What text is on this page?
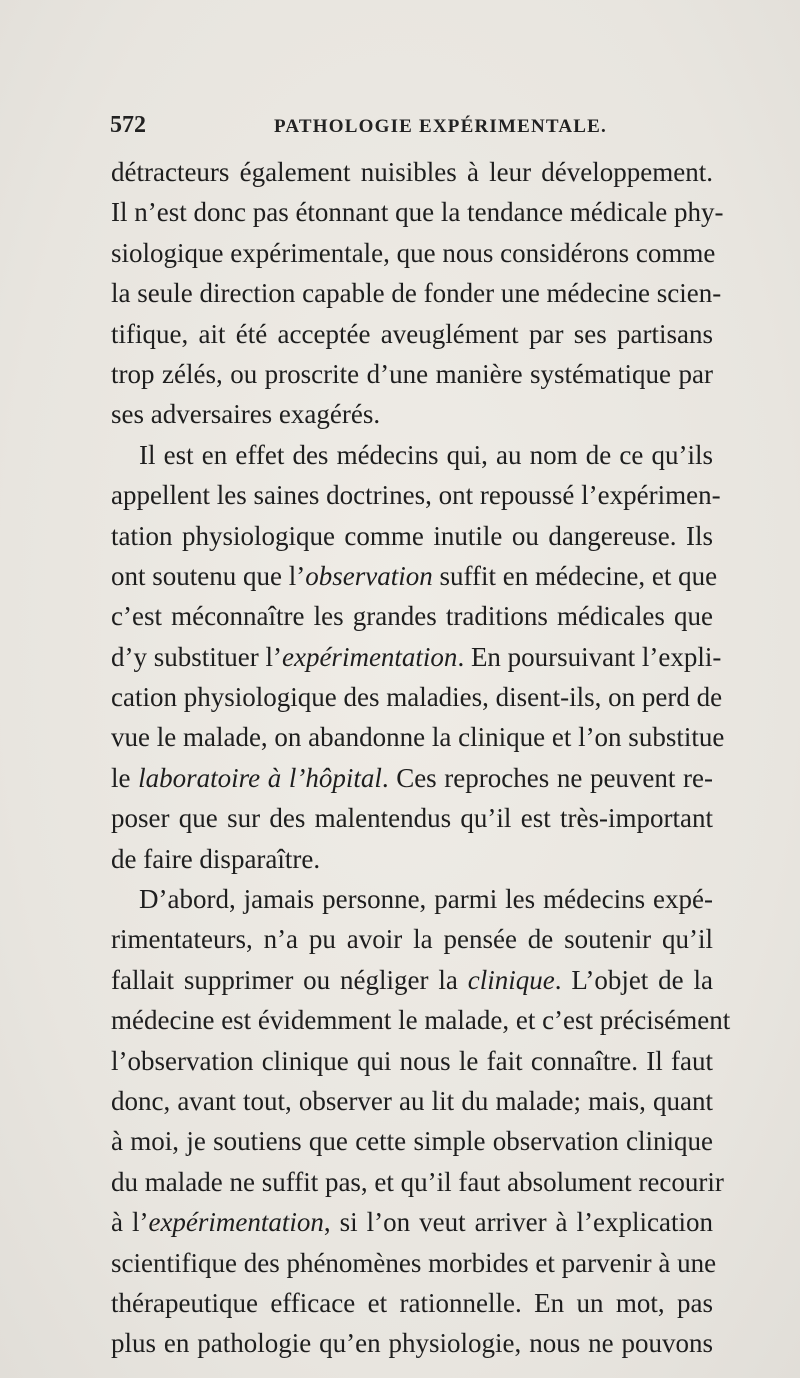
572	PATHOLOGIE EXPÉRIMENTALE.
détracteurs également nuisibles à leur développement.
Il n’est donc pas étonnant que la tendance médicale phy-
siologique expérimentale, que nous considérons comme
la seule direction capable de fonder une médecine scien-
tifique, ait été acceptée aveuglément par ses partisans
trop zélés, ou proscrite d’une manière systématique par
ses adversaires exagérés.
Il est en effet des médecins qui, au nom de ce qu’ils
appellent les saines doctrines, ont repoussé l’expérimen-
tation physiologique comme inutile ou dangereuse. Ils
ont soutenu que l’observation suffit en médecine, et que
c’est méconnaître les grandes traditions médicales que
d’y substituer l’expérimentation. En poursuivant l’expli-
cation physiologique des maladies, disent-ils, on perd de
vue le malade, on abandonne la clinique et l’on substitue
le laboratoire à l’hôpital. Ces reproches ne peuvent re-
poser que sur des malentendus qu’il est très-important
de faire disparaître.
D’abord, jamais personne, parmi les médecins expé-
rimentateurs, n’a pu avoir la pensée de soutenir qu’il
fallait supprimer ou négliger la clinique. L’objet de la
médecine est évidemment le malade, et c’est précisément
l’observation clinique qui nous le fait connaître. Il faut
donc, avant tout, observer au lit du malade; mais, quant
à moi, je soutiens que cette simple observation clinique
du malade ne suffit pas, et qu’il faut absolument recourir
à l’expérimentation, si l’on veut arriver à l’explication
scientifique des phénomènes morbides et parvenir à une
thérapeutique efficace et rationnelle. En un mot, pas
plus en pathologie qu’en physiologie, nous ne pouvons
